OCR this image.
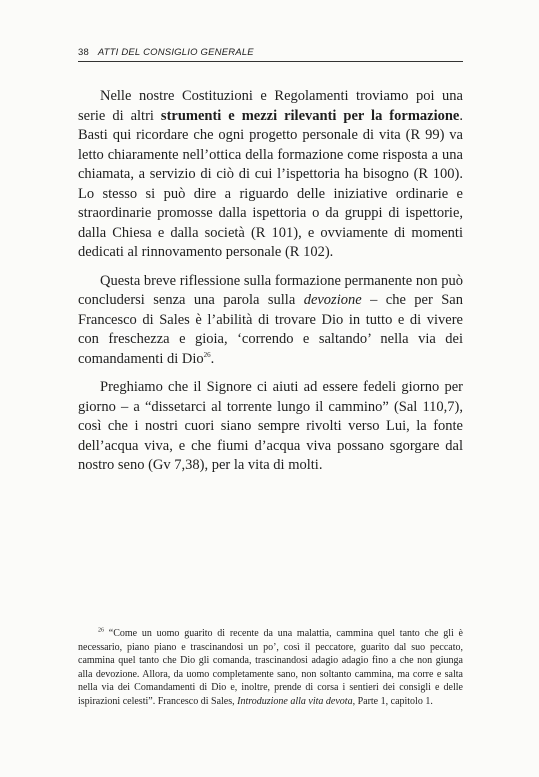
38 ATTI DEL CONSIGLIO GENERALE

Nelle nostre Costituzioni e Regolamenti troviamo poi una serie di altri strumenti e mezzi rilevanti per la formazione. Basti qui ricordare che ogni progetto personale di vita (R 99) va letto chiaramente nell’ottica della formazione come risposta a una chiamata, a servizio di ciò di cui l’ispettoria ha bisogno (R 100). Lo stesso si può dire a riguardo delle iniziative ordinarie e straordinarie promosse dalla ispettoria o da gruppi di ispettorie, dalla Chiesa e dalla società (R 101), e ovviamente di momenti dedicati al rinnovamento personale (R 102).

Questa breve riflessione sulla formazione permanente non può concludersi senza una parola sulla devozione – che per San Francesco di Sales è l’abilità di trovare Dio in tutto e di vivere con freschezza e gioia, ‘correndo e saltando’ nella via dei comandamenti di Dio$^{26}$.

Preghiamo che il Signore ci aiuti ad essere fedeli giorno per giorno – a “dissetarci al torrente lungo il cammino” (Sal 110,7), così che i nostri cuori siano sempre rivolti verso Lui, la fonte dell’acqua viva, e che fiumi d’acqua viva possano sgorgare dal nostro seno (Gv 7,38), per la vita di molti.

$^{26}$ “Come un uomo guarito di recente da una malattia, cammina quel tanto che gli è necessario, piano piano e trascinandosi un po’, così il peccatore, guarito dal suo peccato, cammina quel tanto che Dio gli comanda, trascinandosi adagio adagio fino a che non giunga alla devozione. Allora, da uomo completamente sano, non soltanto cammina, ma corre e salta nella via dei Comandamenti di Dio e, inoltre, prende di corsa i sentieri dei consigli e delle ispirazioni celesti”. Francesco di Sales, Introduzione alla vita devota, Parte 1, capitolo 1.
